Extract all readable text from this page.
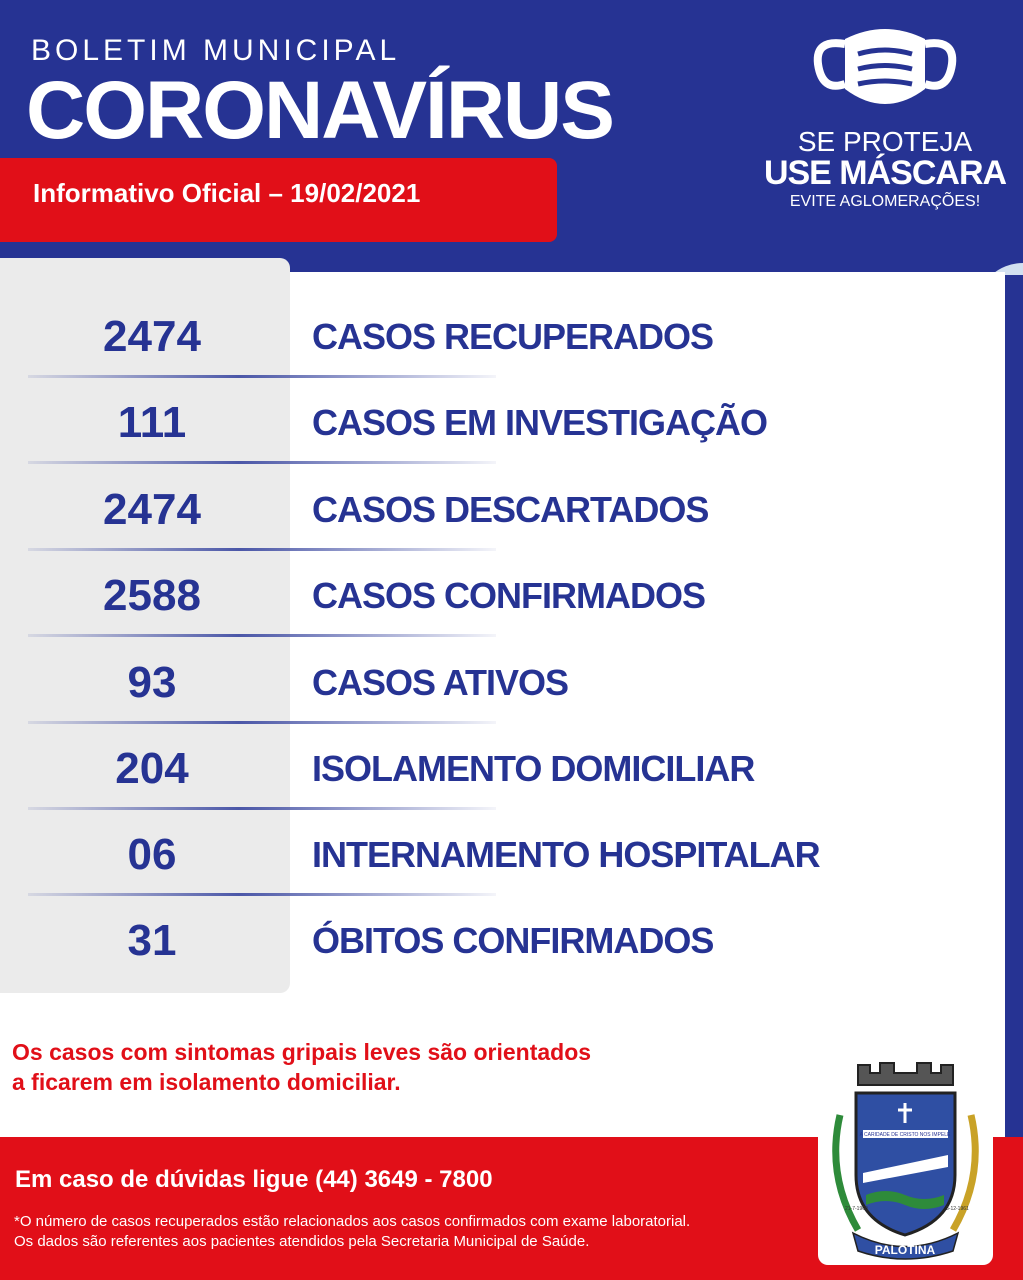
BOLETIM MUNICIPAL
CORONAVÍRUS
Informativo Oficial – 19/02/2021
SE PROTEJA
USE MÁSCARA
EVITE AGLOMERAÇÕES!
2474	CASOS RECUPERADOS
111	CASOS EM INVESTIGAÇÃO
2474	CASOS DESCARTADOS
2588	CASOS CONFIRMADOS
93	CASOS ATIVOS
204	ISOLAMENTO DOMICILIAR
06	INTERNAMENTO HOSPITALAR
31	ÓBITOS CONFIRMADOS
Os casos com sintomas gripais leves são orientados
a ficarem em isolamento domiciliar.
Em caso de dúvidas ligue (44) 3649 - 7800
*O número de casos recuperados estão relacionados aos casos confirmados com exame laboratorial.
Os dados são referentes aos pacientes atendidos pela Secretaria Municipal de Saúde.
A CARIDADE DE CRISTO NOS IMPELE
PALOTINA
21-7-1960	3-12-1961
